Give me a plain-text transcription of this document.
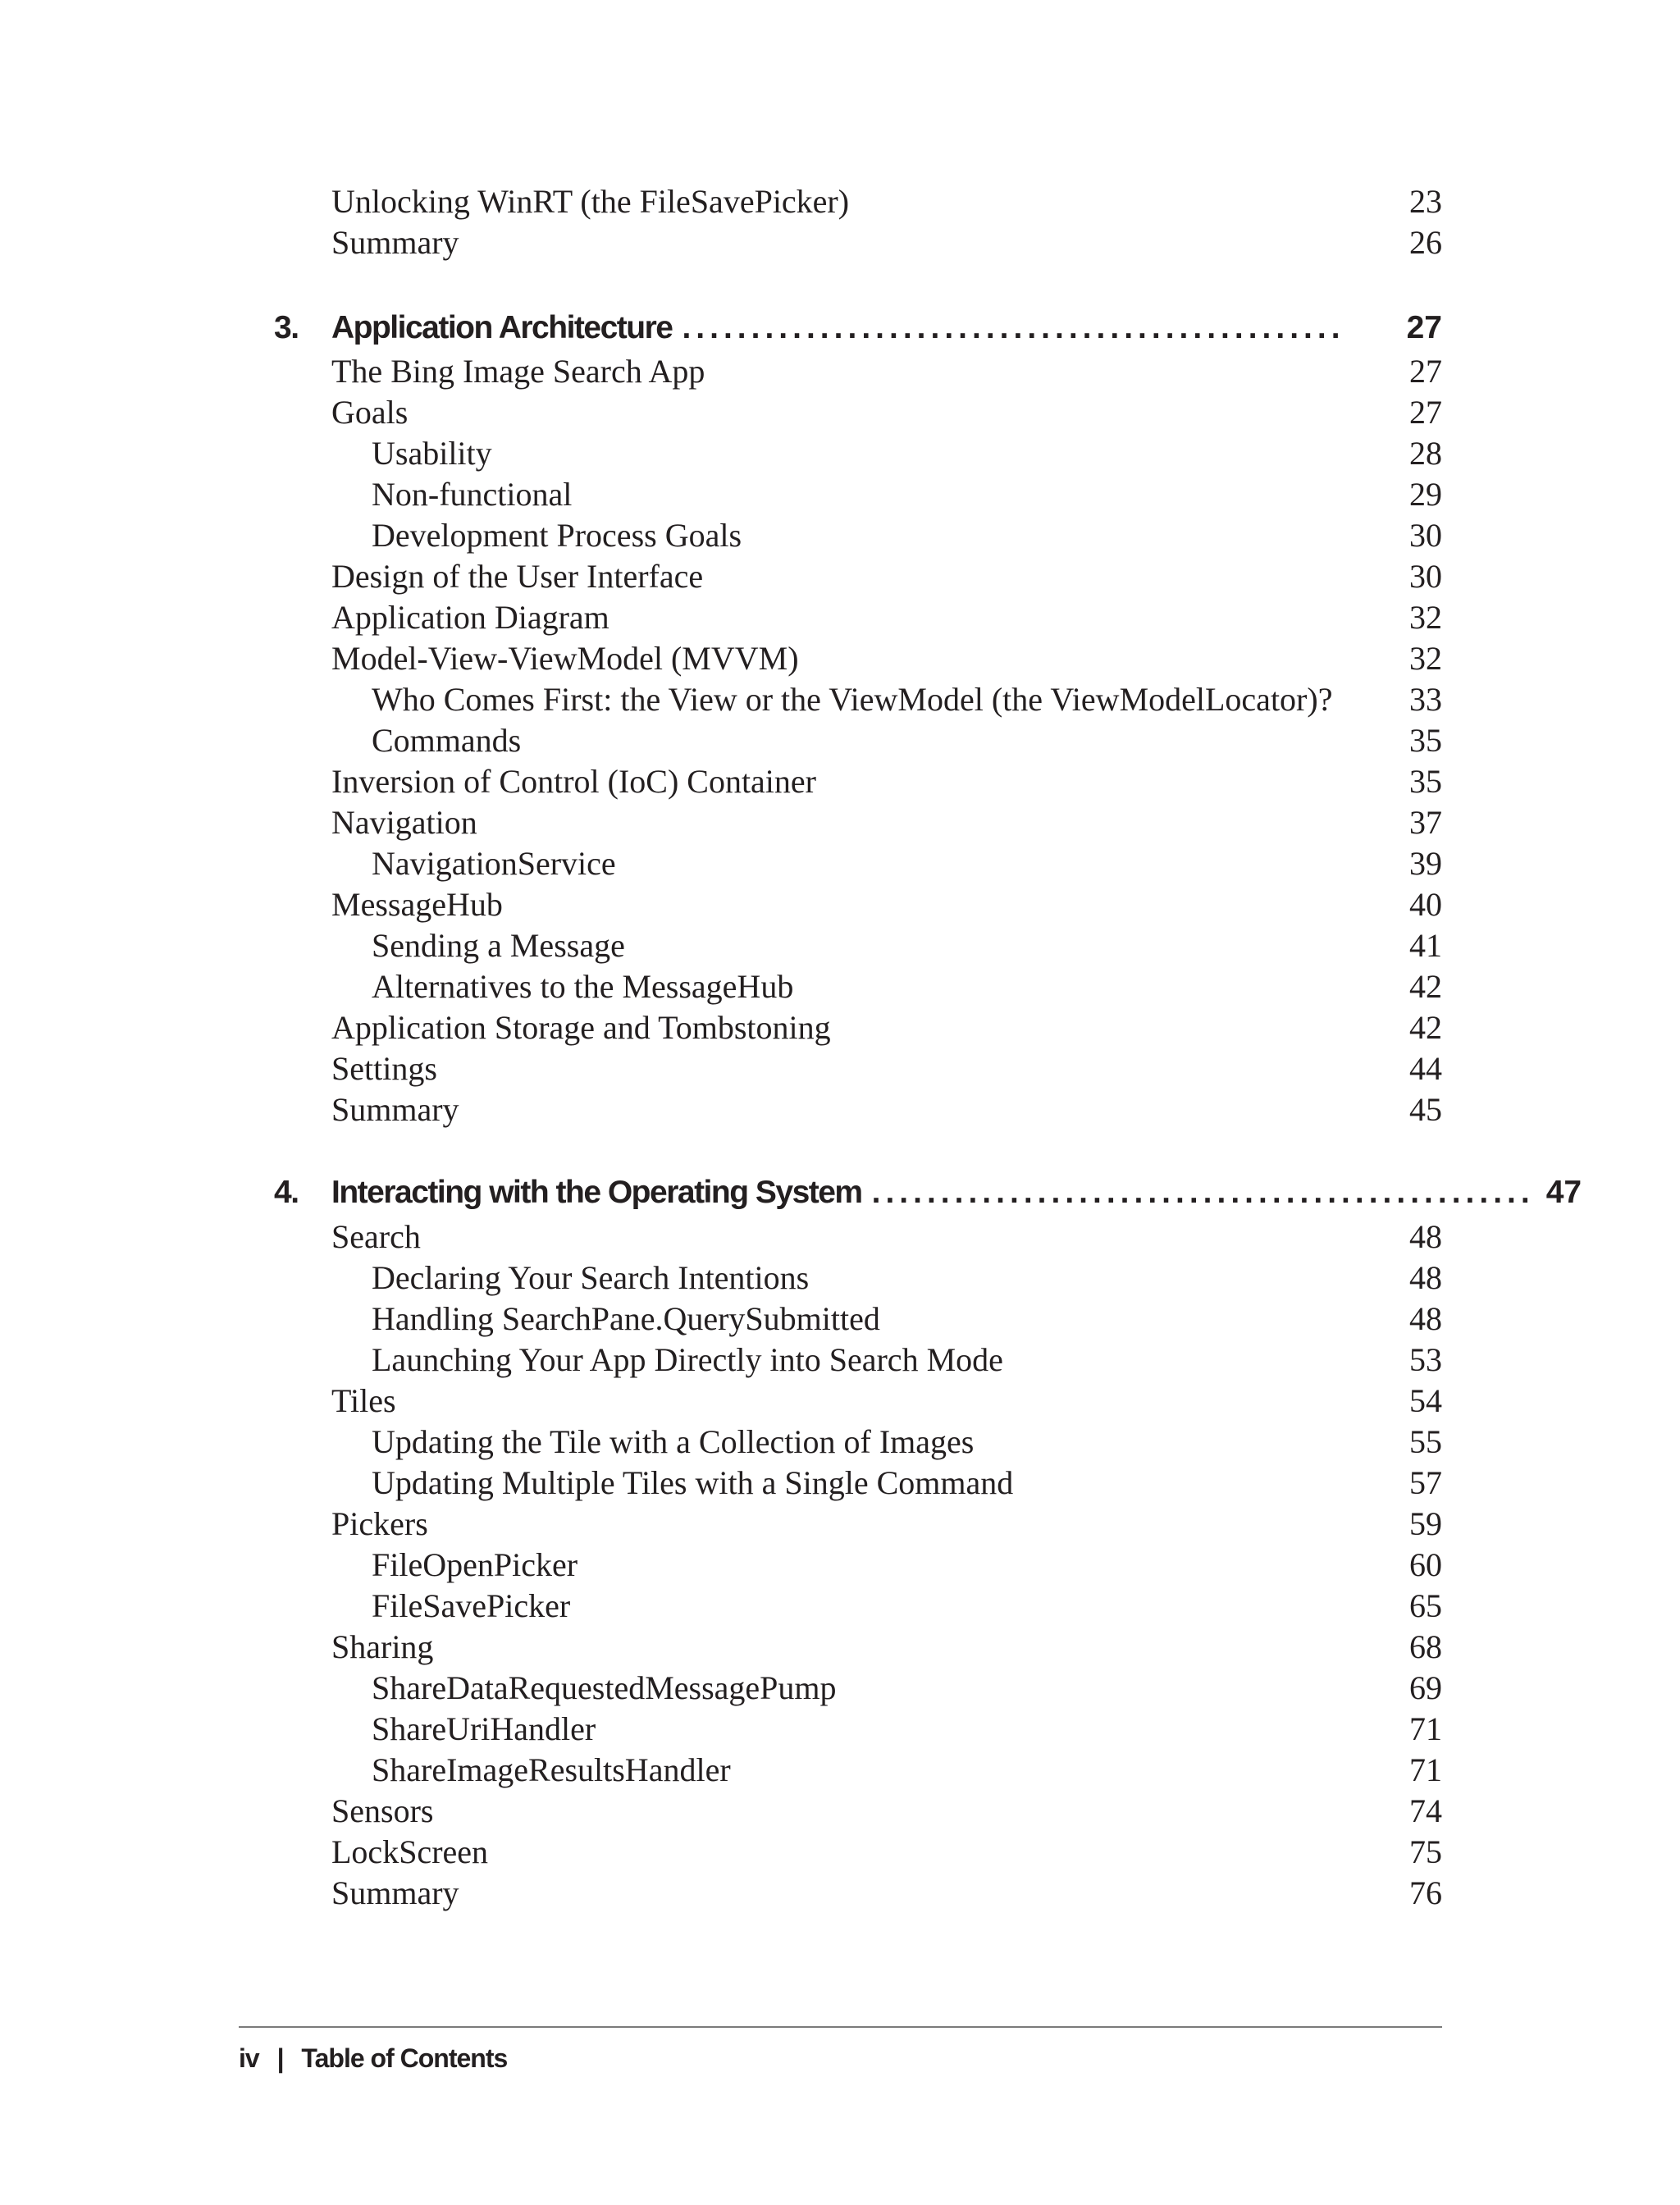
Unlocking WinRT (the FileSavePicker)	23
Summary	26
3. Application Architecture ................................................	27
The Bing Image Search App	27
Goals	27
Usability	28
Non-functional	29
Development Process Goals	30
Design of the User Interface	30
Application Diagram	32
Model-View-ViewModel (MVVM)	32
Who Comes First: the View or the ViewModel (the ViewModelLocator)? 33
Commands	35
Inversion of Control (IoC) Container	35
Navigation	37
NavigationService	39
MessageHub	40
Sending a Message	41
Alternatives to the MessageHub	42
Application Storage and Tombstoning	42
Settings	44
Summary	45
4. Interacting with the Operating System ................................................ 47
Search	48
Declaring Your Search Intentions	48
Handling SearchPane.QuerySubmitted	48
Launching Your App Directly into Search Mode	53
Tiles	54
Updating the Tile with a Collection of Images	55
Updating Multiple Tiles with a Single Command	57
Pickers	59
FileOpenPicker	60
FileSavePicker	65
Sharing	68
ShareDataRequestedMessagePump	69
ShareUriHandler	71
ShareImageResultsHandler	71
Sensors	74
LockScreen	75
Summary	76
iv | Table of Contents
